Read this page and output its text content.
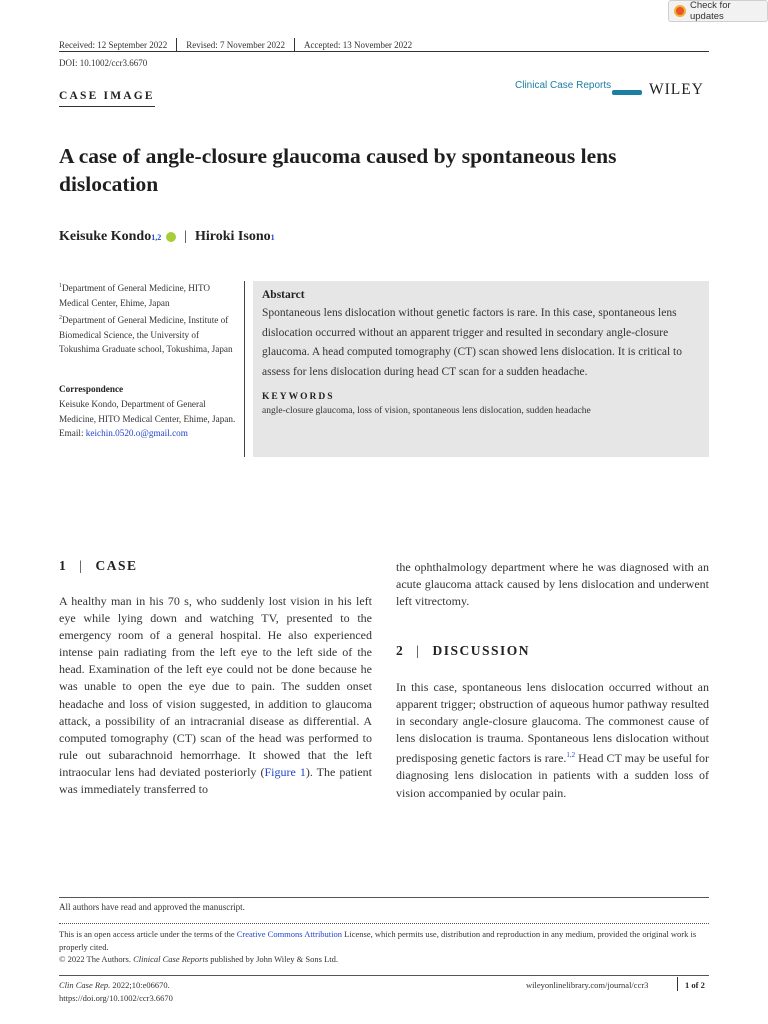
Check for updates
Received: 12 September 2022 Revised: 7 November 2022 Accepted: 13 November 2022
DOI: 10.1002/ccr3.6670
CASE IMAGE
Clinical Case Reports WILEY
A case of angle-closure glaucoma caused by spontaneous lens dislocation
Keisuke Kondo 1,2 | Hiroki Isono 1
$^1$Department of General Medicine, HITO Medical Center, Ehime, Japan
$^2$Department of General Medicine, Institute of Biomedical Science, the University of Tokushima Graduate school, Tokushima, Japan
Correspondence
Keisuke Kondo, Department of General Medicine, HITO Medical Center, Ehime, Japan. Email: keichin.0520.o@gmail.com
Abstarct
Spontaneous lens dislocation without genetic factors is rare. In this case, spontaneous lens dislocation occurred without an apparent trigger and resulted in secondary angle-closure glaucoma. A head computed tomography (CT) scan showed lens dislocation. It is critical to assess for lens dislocation during head CT scan for a sudden headache.
KEYWORDS
angle-closure glaucoma, loss of vision, spontaneous lens dislocation, sudden headache
1 | CASE

A healthy man in his 70 s, who suddenly lost vision in his left eye while lying down and watching TV, presented to the emergency room of a general hospital. He also experienced intense pain radiating from the left eye to the left side of the head. Examination of the left eye could not be done because he was unable to open the eye due to pain. The sudden onset headache and loss of vision suggested, in addition to glaucoma attack, a possibility of an intracranial disease as differential. A computed tomography (CT) scan of the head was performed to rule out subarachnoid hemorrhage. It showed that the left intraocular lens had deviated posteriorly (Figure 1). The patient was immediately transferred to

the ophthalmology department where he was diagnosed with an acute glaucoma attack caused by lens dislocation and underwent left vitrectomy.

2 | DISCUSSION

In this case, spontaneous lens dislocation occurred without an apparent trigger; obstruction of aqueous humor pathway resulted in secondary angle-closure glaucoma. The commonest cause of lens dislocation is trauma. Spontaneous lens dislocation without predisposing genetic factors is rare.$^{1,2}$ Head CT may be useful for diagnosing lens dislocation in patients with a sudden loss of vision accompanied by ocular pain.

All authors have read and approved the manuscript.
This is an open access article under the terms of the Creative Commons Attribution License, which permits use, distribution and reproduction in any medium, provided the original work is properly cited.
© 2022 The Authors. Clinical Case Reports published by John Wiley & Sons Ltd.
Clin Case Rep. 2022;10:e06670.
https://doi.org/10.1002/ccr3.6670
wileyonlinelibrary.com/journal/ccr3	1 of 2
